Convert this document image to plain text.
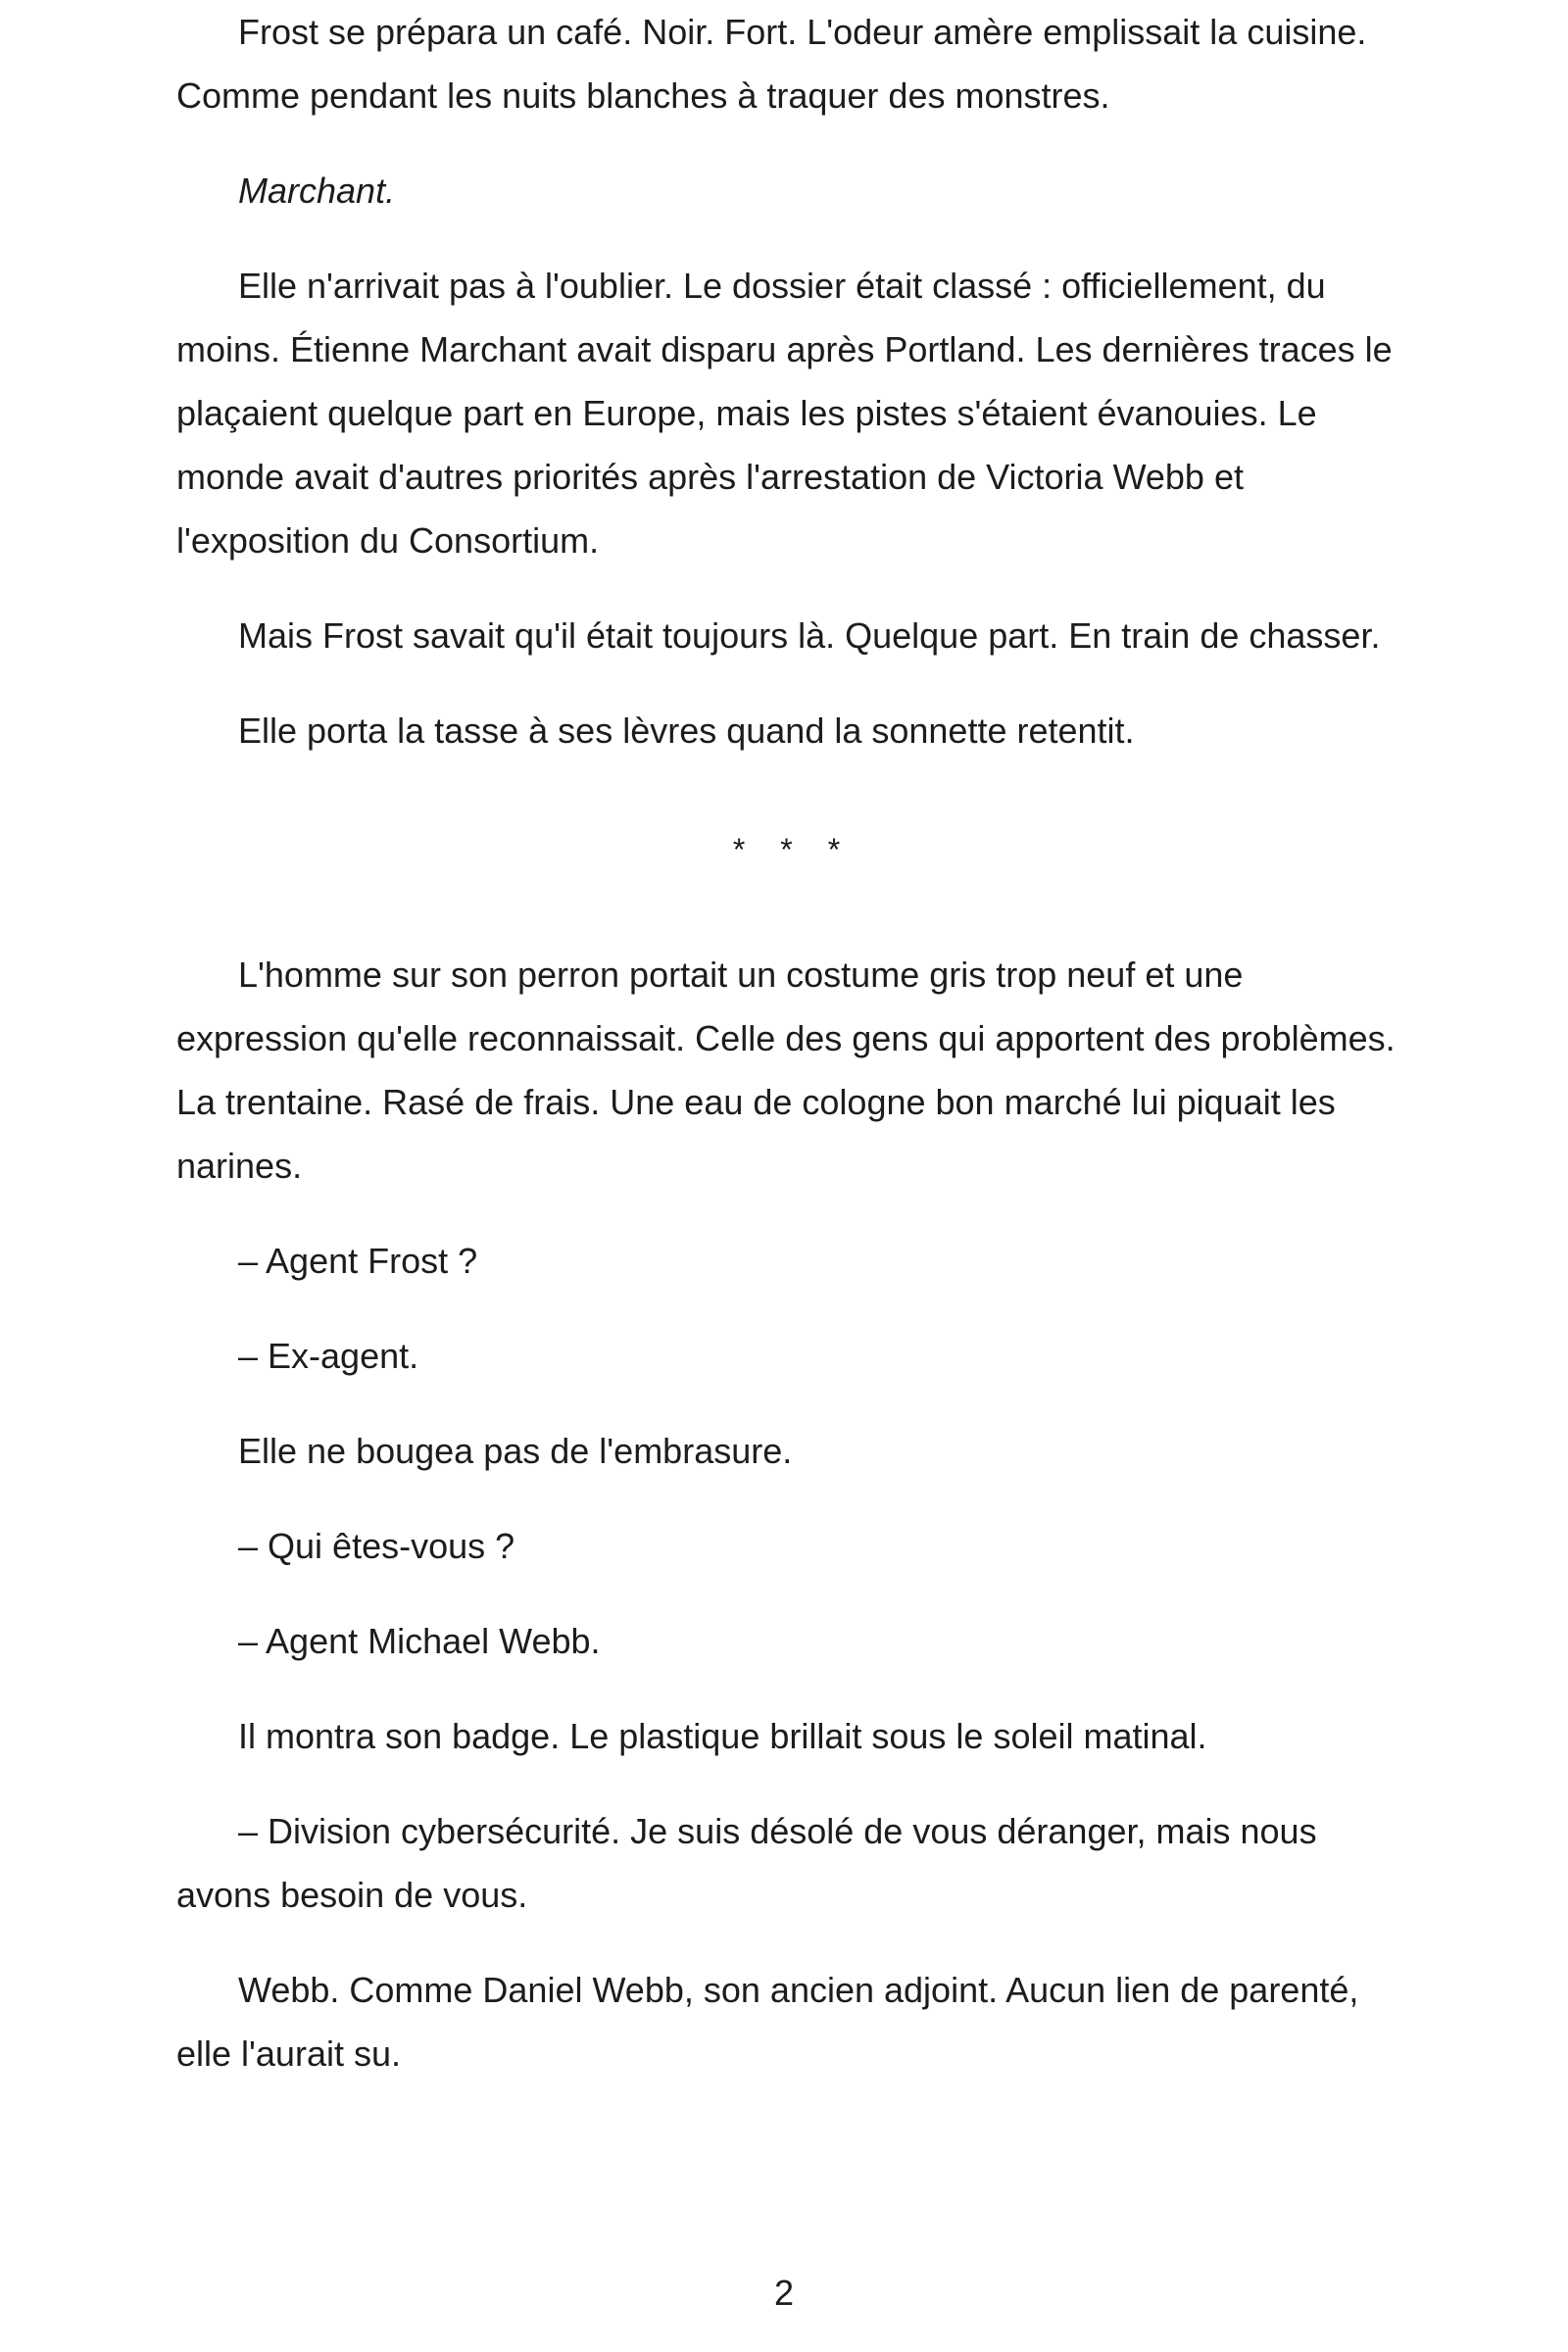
Frost se prépara un café. Noir. Fort. L'odeur amère emplissait la cuisine. Comme pendant les nuits blanches à traquer des monstres.

Marchant.

Elle n'arrivait pas à l'oublier. Le dossier était classé : officiellement, du moins. Étienne Marchant avait disparu après Portland. Les dernières traces le plaçaient quelque part en Europe, mais les pistes s'étaient évanouies. Le monde avait d'autres priorités après l'arrestation de Victoria Webb et l'exposition du Consortium.

Mais Frost savait qu'il était toujours là. Quelque part. En train de chasser.

Elle porta la tasse à ses lèvres quand la sonnette retentit.

* * *

L'homme sur son perron portait un costume gris trop neuf et une expression qu'elle reconnaissait. Celle des gens qui apportent des problèmes. La trentaine. Rasé de frais. Une eau de cologne bon marché lui piquait les narines.

– Agent Frost ?

– Ex-agent.

Elle ne bougea pas de l'embrasure.

– Qui êtes-vous ?

– Agent Michael Webb.

Il montra son badge. Le plastique brillait sous le soleil matinal.

– Division cybersécurité. Je suis désolé de vous déranger, mais nous avons besoin de vous.

Webb. Comme Daniel Webb, son ancien adjoint. Aucun lien de parenté, elle l'aurait su.

2
